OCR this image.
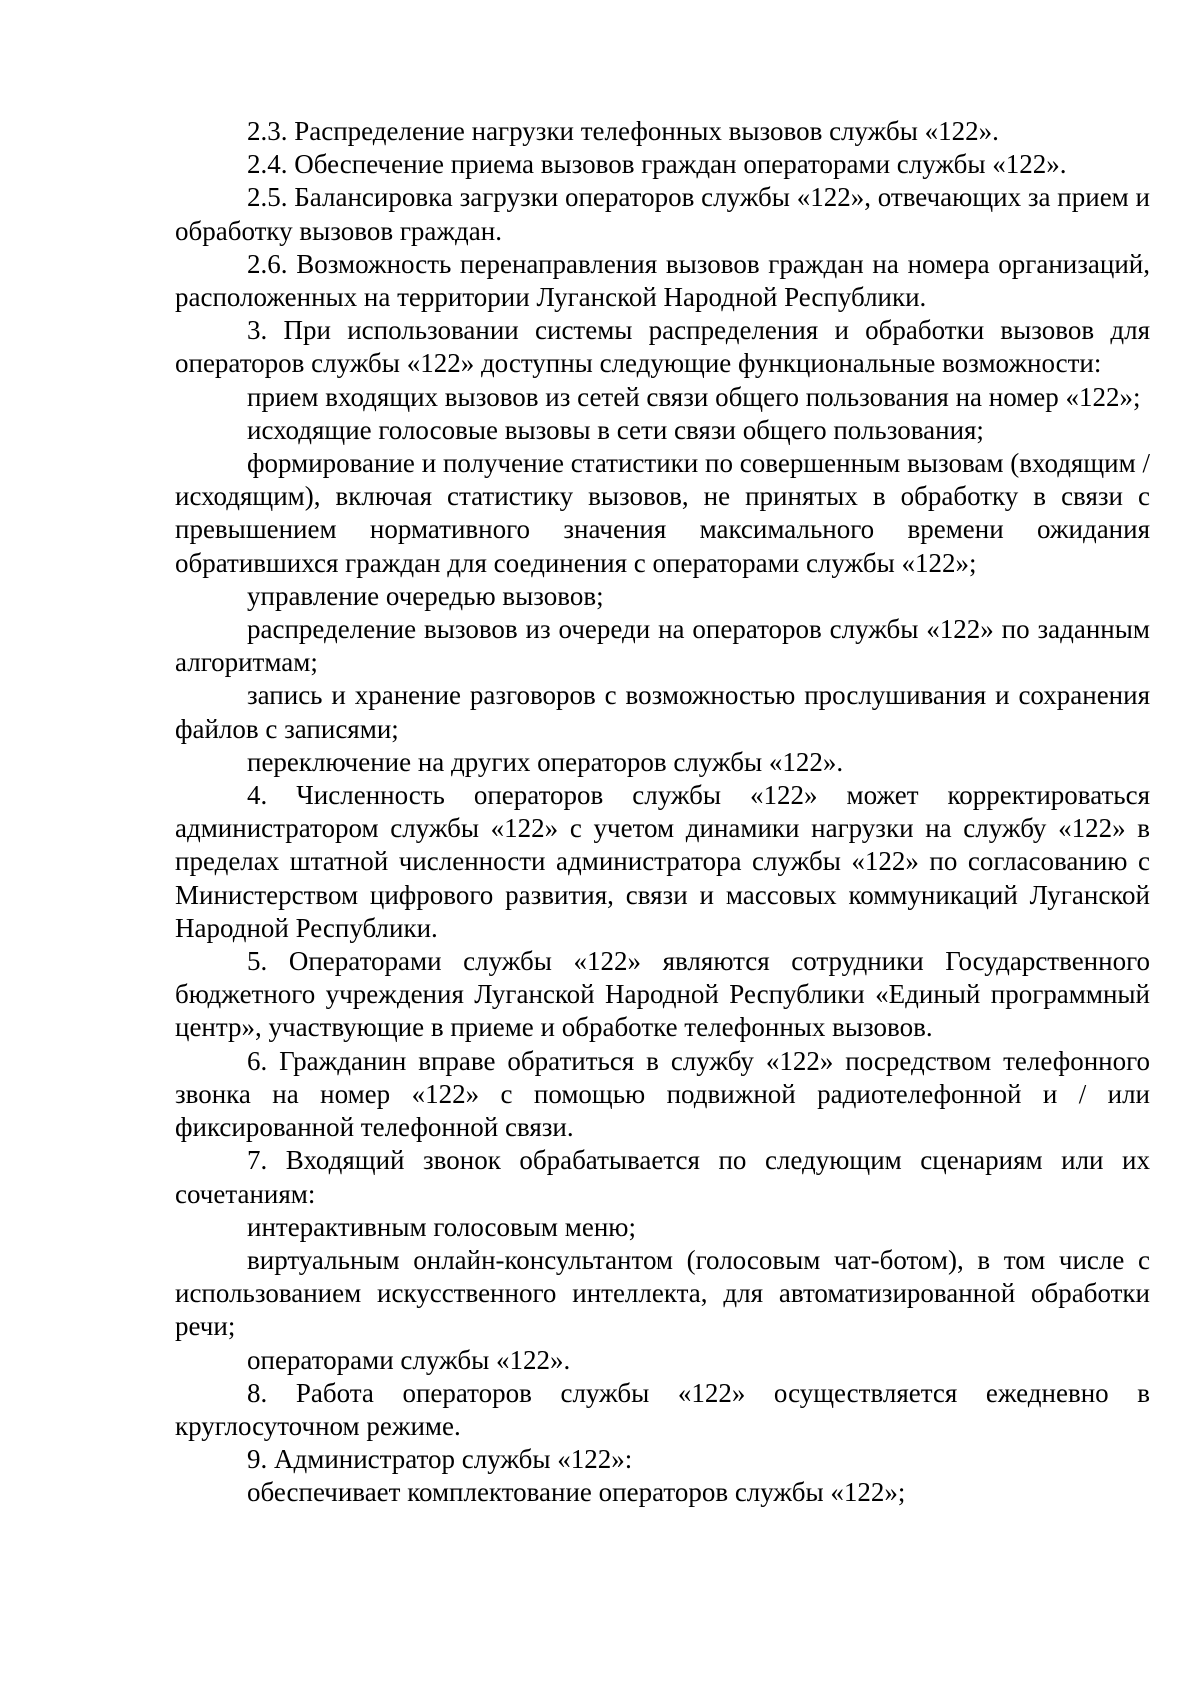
2.3. Распределение нагрузки телефонных вызовов службы «122».

2.4. Обеспечение приема вызовов граждан операторами службы «122».

2.5. Балансировка загрузки операторов службы «122», отвечающих за прием и обработку вызовов граждан.

2.6. Возможность перенаправления вызовов граждан на номера организаций, расположенных на территории Луганской Народной Республики.

3. При использовании системы распределения и обработки вызовов для операторов службы «122» доступны следующие функциональные возможности:

прием входящих вызовов из сетей связи общего пользования на номер «122»;

исходящие голосовые вызовы в сети связи общего пользования;

формирование и получение статистики по совершенным вызовам (входящим / исходящим), включая статистику вызовов, не принятых в обработку в связи с превышением нормативного значения максимального времени ожидания обратившихся граждан для соединения с операторами службы «122»;

управление очередью вызовов;

распределение вызовов из очереди на операторов службы «122» по заданным алгоритмам;

запись и хранение разговоров с возможностью прослушивания и сохранения файлов с записями;

переключение на других операторов службы «122».

4. Численность операторов службы «122» может корректироваться администратором службы «122» с учетом динамики нагрузки на службу «122» в пределах штатной численности администратора службы «122» по согласованию с Министерством цифрового развития, связи и массовых коммуникаций Луганской Народной Республики.

5. Операторами службы «122» являются сотрудники Государственного бюджетного учреждения Луганской Народной Республики «Единый программный центр», участвующие в приеме и обработке телефонных вызовов.

6. Гражданин вправе обратиться в службу «122» посредством телефонного звонка на номер «122» с помощью подвижной радиотелефонной и / или фиксированной телефонной связи.

7. Входящий звонок обрабатывается по следующим сценариям или их сочетаниям:

интерактивным голосовым меню;

виртуальным онлайн-консультантом (голосовым чат-ботом), в том числе с использованием искусственного интеллекта, для автоматизированной обработки речи;

операторами службы «122».

8. Работа операторов службы «122» осуществляется ежедневно в круглосуточном режиме.

9. Администратор службы «122»:

обеспечивает комплектование операторов службы «122»;
